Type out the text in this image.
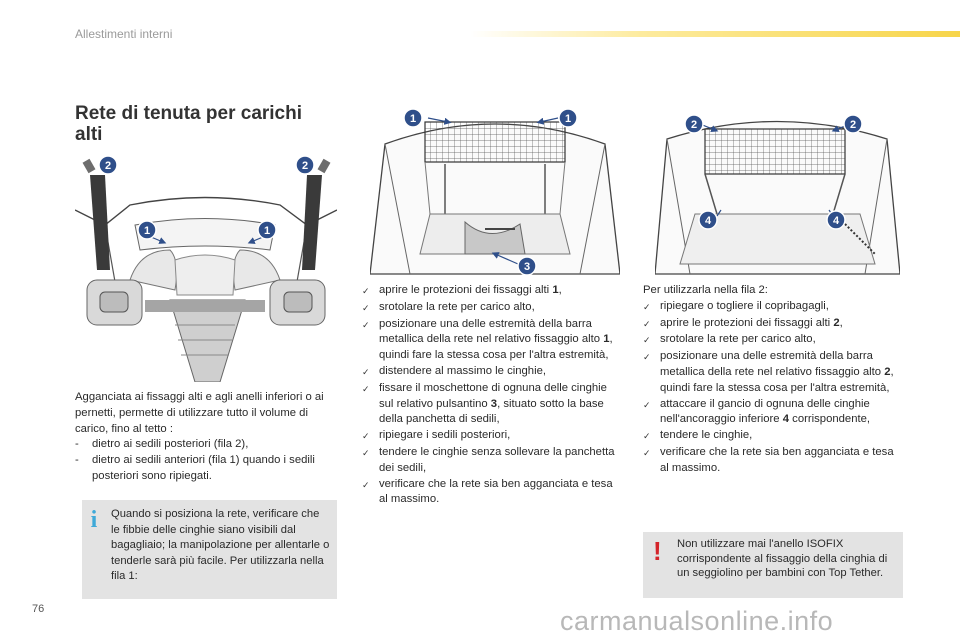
Allestimenti interni
Rete di tenuta per carichi alti
2	2
1	1
1	1
3
2	2
4	4

Agganciata ai fissaggi alti e agli anelli inferiori o ai pernetti, permette di utilizzare tutto il volume di carico, fino al tetto :

-	dietro ai sedili posteriori (fila 2),
-	dietro ai sedili anteriori (fila 1) quando i sedili posteriori sono ripiegati.
i	Quando si posiziona la rete, verificare che le fibbie delle cinghie siano visibili dal bagagliaio; la manipolazione per allentarle o tenderle sarà più facile. Per utilizzarla nella fila 1:
✓ aprire le protezioni dei fissaggi alti 1,
✓ srotolare la rete per carico alto,
✓ posizionare una delle estremità della barra metallica della rete nel relativo fissaggio alto 1, quindi fare la stessa cosa per l'altra estremità,
✓ distendere al massimo le cinghie,
✓ fissare il moschettone di ognuna delle cinghie sul relativo pulsantino 3, situato sotto la base della panchetta di sedili,
✓ ripiegare i sedili posteriori,
✓ tendere le cinghie senza sollevare la panchetta dei sedili,
✓ verificare che la rete sia ben agganciata e tesa al massimo.

Per utilizzarla nella fila 2:

✓ ripiegare o togliere il copribagagli,
✓ aprire le protezioni dei fissaggi alti 2,
✓ srotolare la rete per carico alto,
✓ posizionare una delle estremità della barra metallica della rete nel relativo fissaggio alto 2, quindi fare la stessa cosa per l'altra estremità,
✓ attaccare il gancio di ognuna delle cinghie nell'ancoraggio inferiore 4 corrispondente,
✓ tendere le cinghie,
✓ verificare che la rete sia ben agganciata e tesa al massimo.
! Non utilizzare mai l'anello ISOFIX corrispondente al fissaggio della cinghia di un seggiolino per bambini con Top Tether.
76	carmanualsonline.info
